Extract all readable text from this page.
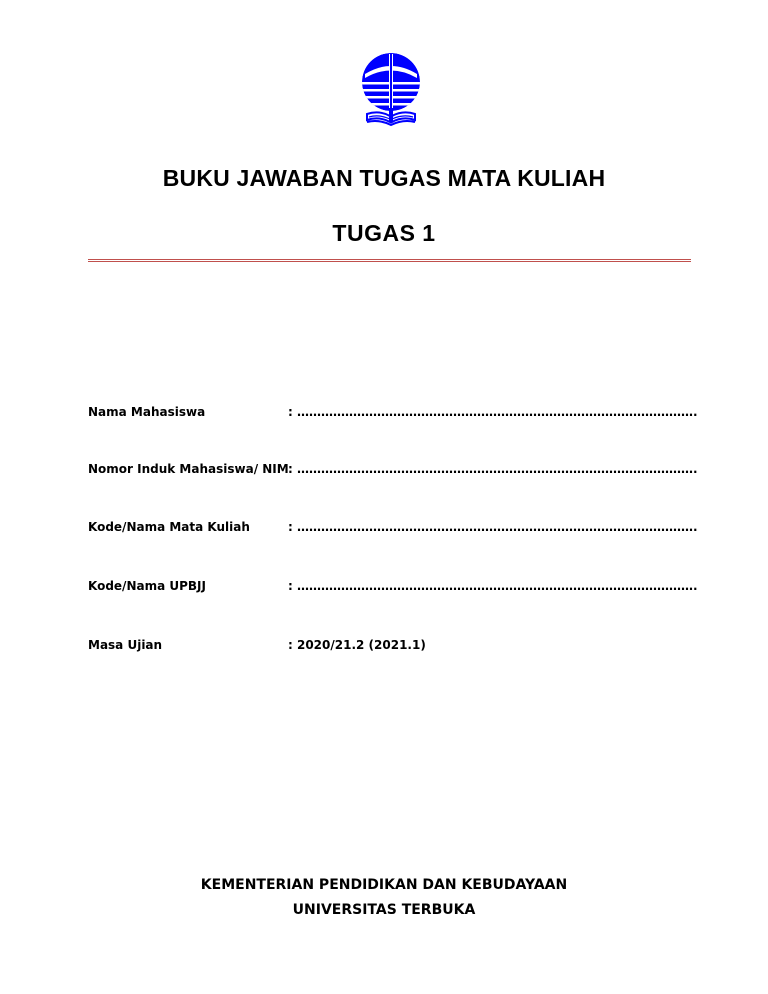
BUKU JAWABAN TUGAS MATA KULIAH
TUGAS 1
Nama Mahasiswa	: ……………………………………………………………………………………….
Nomor Induk Mahasiswa/ NIM : ……………………………………………………………………………………….
Kode/Nama Mata Kuliah	: ……………………………………………………………………………………….
Kode/Nama UPBJJ	: ……………………………………………………………………………………….
Masa Ujian	: 2020/21.2 (2021.1)
KEMENTERIAN PENDIDIKAN DAN KEBUDAYAAN
UNIVERSITAS TERBUKA
